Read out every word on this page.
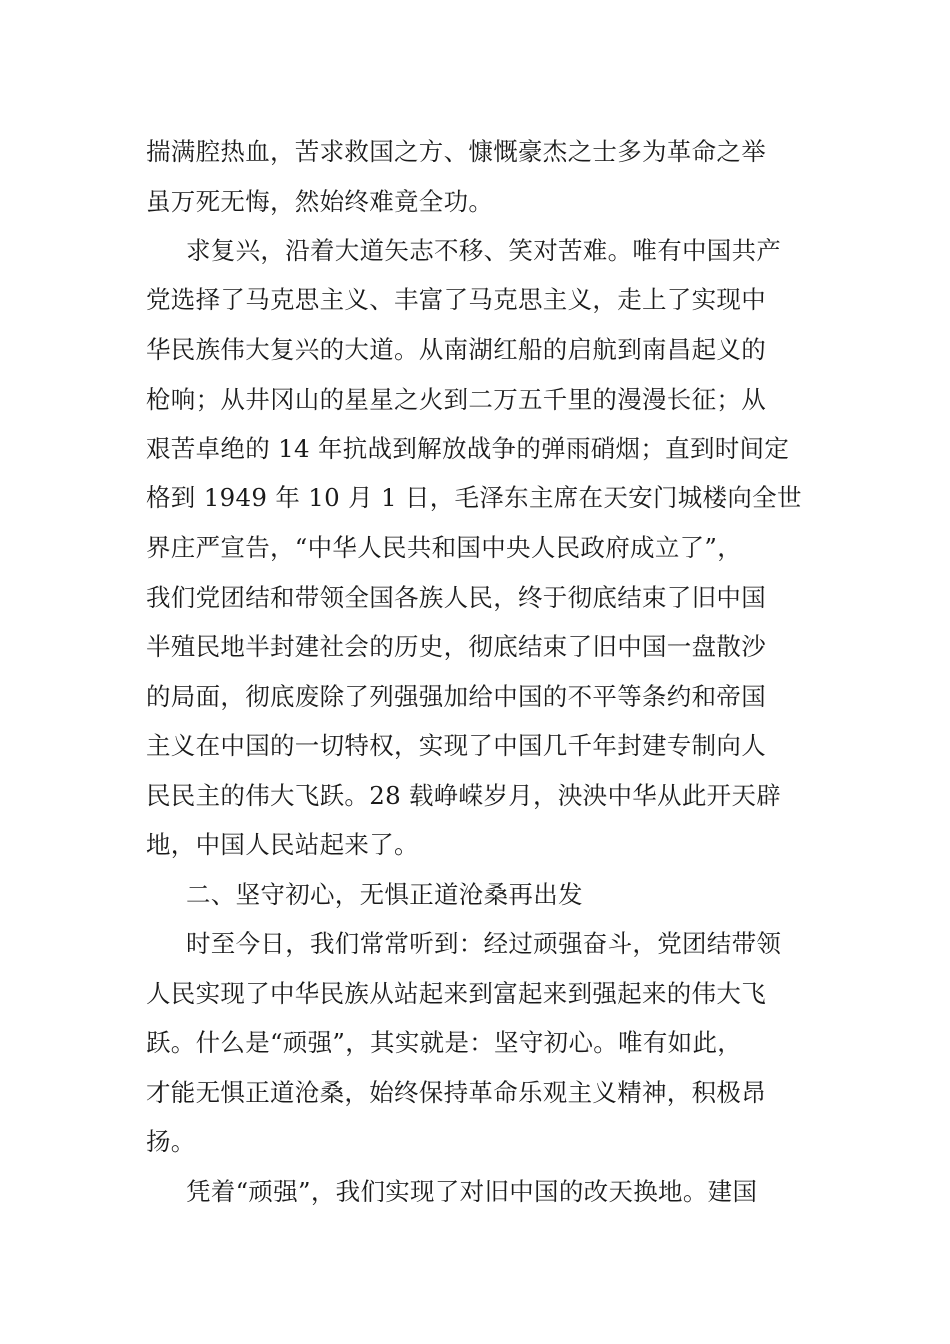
揣满腔热血，苦求救国之方、慷慨豪杰之士多为革命之举
虽万死无悔，然始终难竟全功。
求复兴，沿着大道矢志不移、笑对苦难。唯有中国共产
党选择了马克思主义、丰富了马克思主义，走上了实现中
华民族伟大复兴的大道。从南湖红船的启航到南昌起义的
枪响；从井冈山的星星之火到二万五千里的漫漫长征；从
艰苦卓绝的 14 年抗战到解放战争的弹雨硝烟；直到时间定
格到 1949 年 10 月 1 日，毛泽东主席在天安门城楼向全世
界庄严宣告，“中华人民共和国中央人民政府成立了”，
我们党团结和带领全国各族人民，终于彻底结束了旧中国
半殖民地半封建社会的历史，彻底结束了旧中国一盘散沙
的局面，彻底废除了列强强加给中国的不平等条约和帝国
主义在中国的一切特权，实现了中国几千年封建专制向人
民民主的伟大飞跃。28 载峥嵘岁月，泱泱中华从此开天辟
地，中国人民站起来了。
二、坚守初心，无惧正道沧桑再出发
时至今日，我们常常听到：经过顽强奋斗，党团结带领
人民实现了中华民族从站起来到富起来到强起来的伟大飞
跃。什么是“顽强”，其实就是：坚守初心。唯有如此，
才能无惧正道沧桑，始终保持革命乐观主义精神，积极昂
扬。
凭着“顽强”，我们实现了对旧中国的改天换地。建国
